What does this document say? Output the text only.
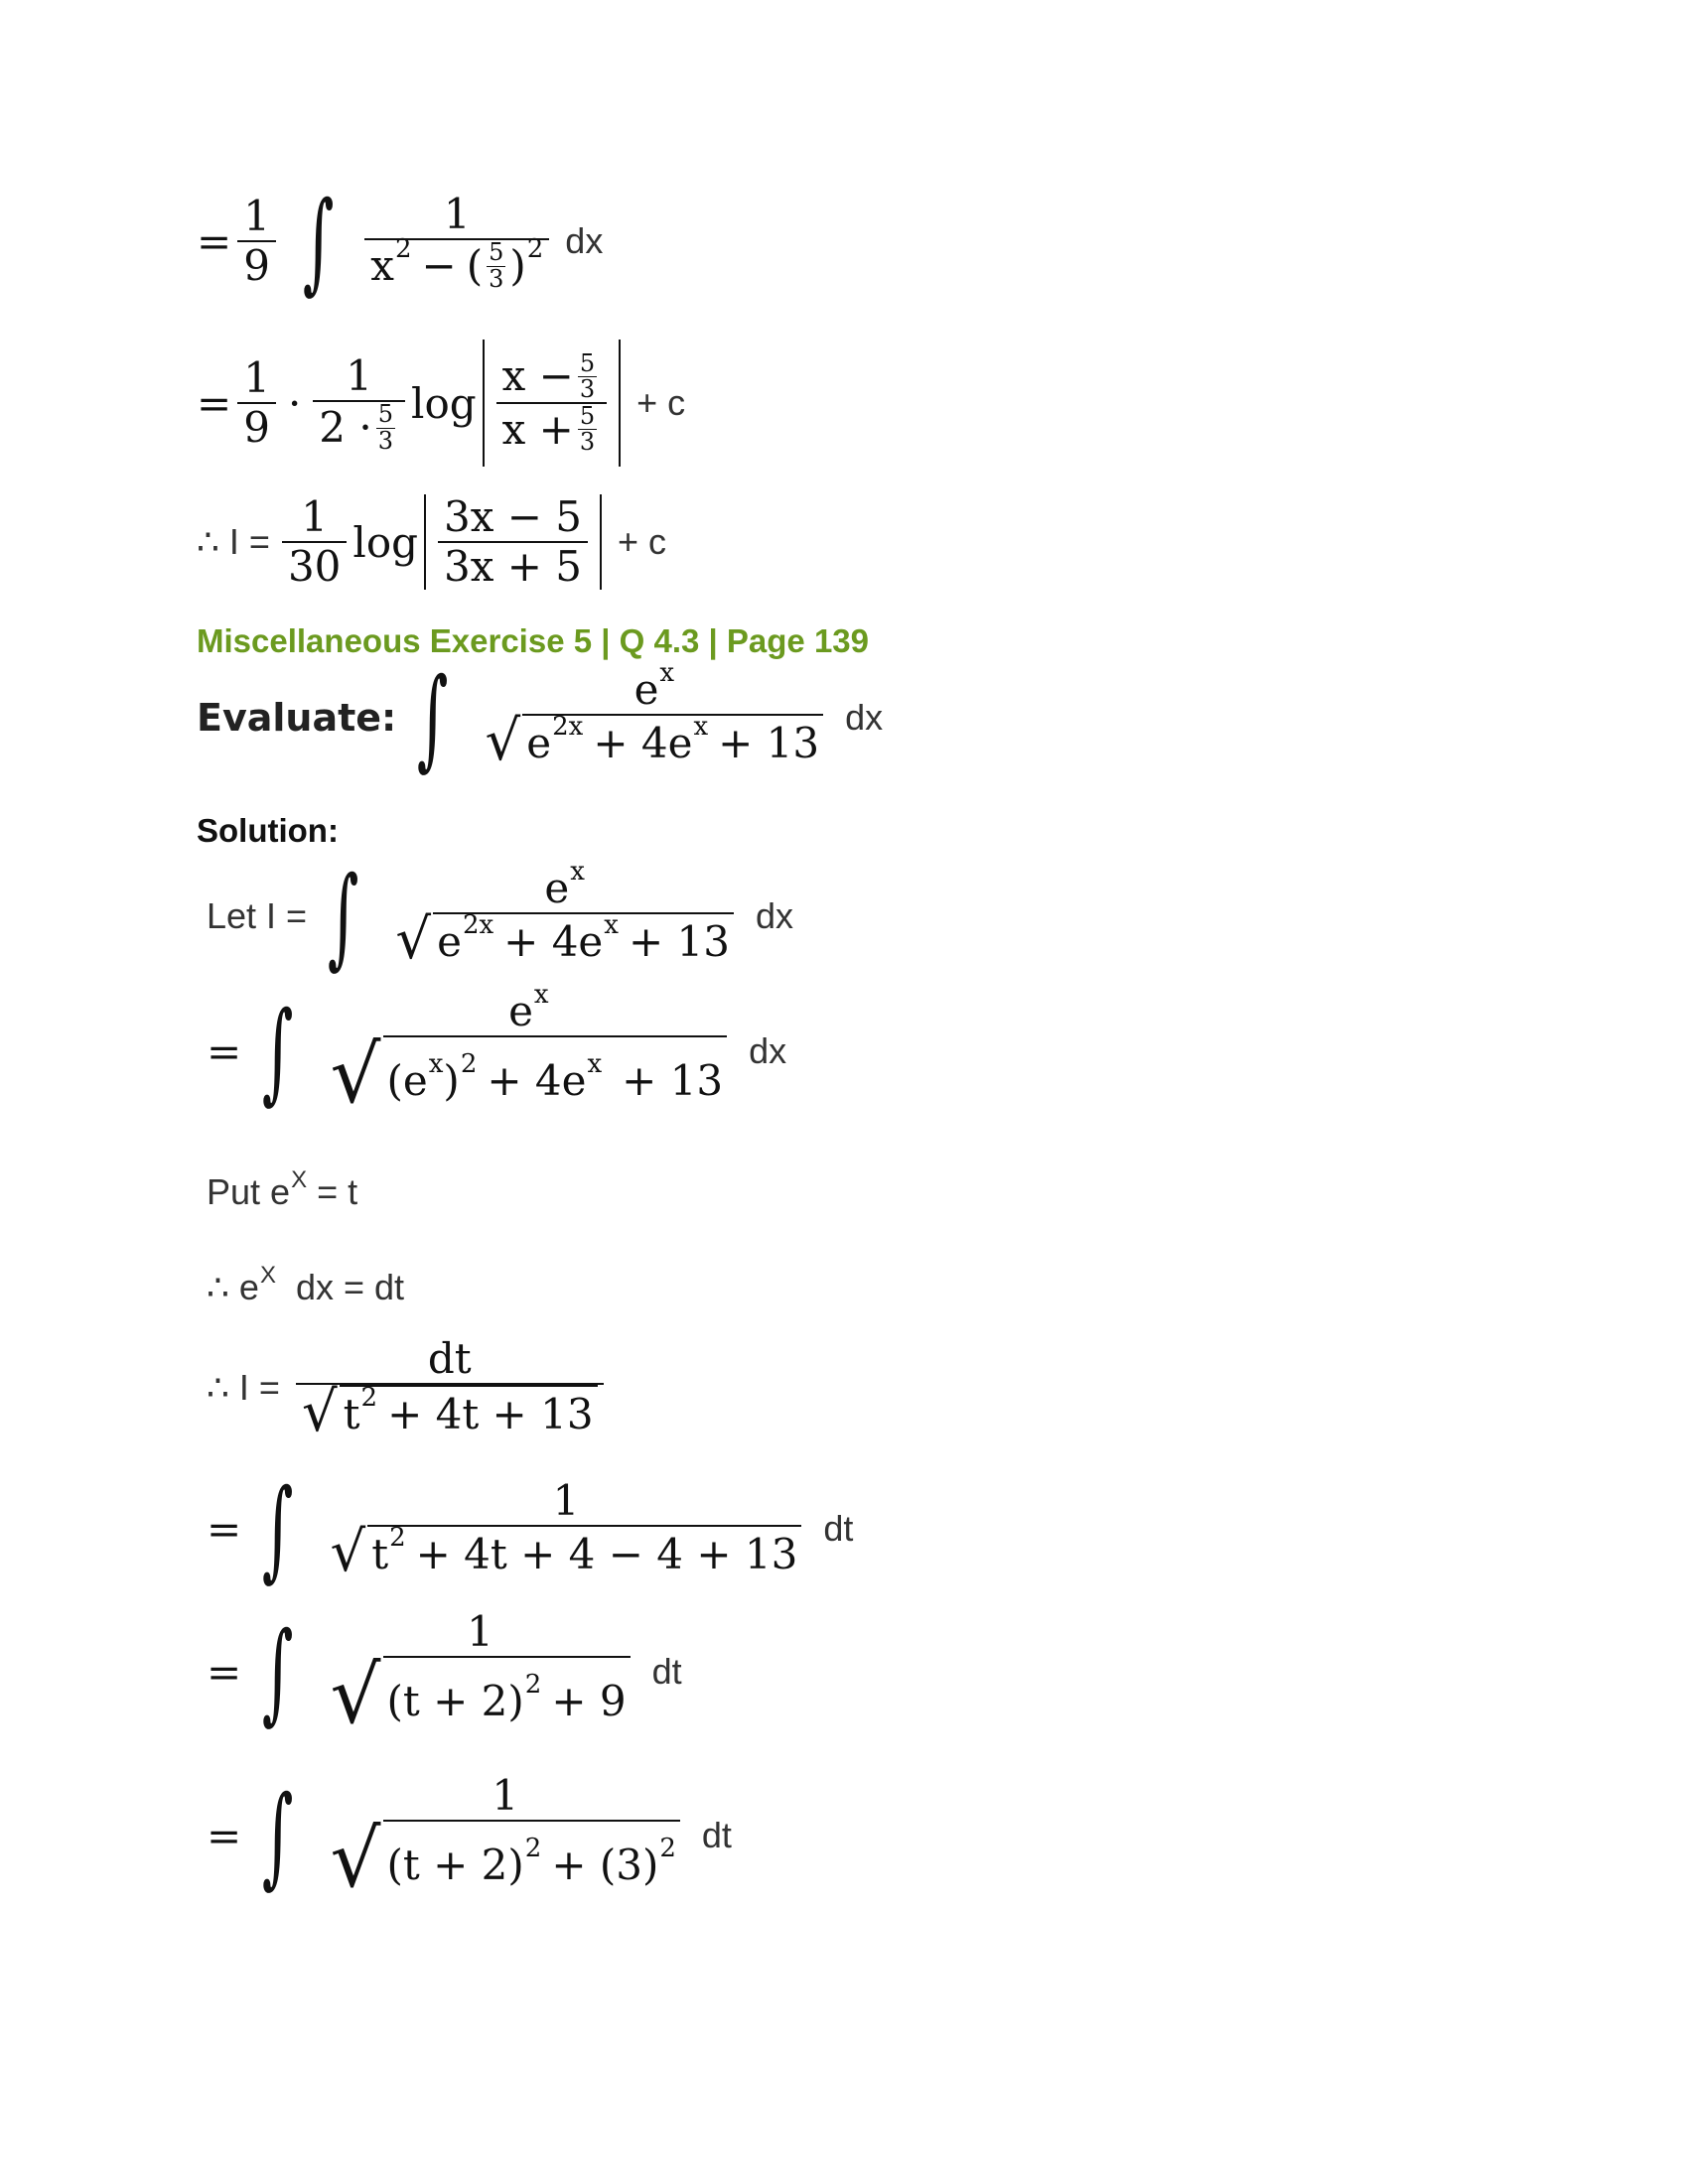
= $\frac{1}{9}$ ∫ 1
x 2 − ( 5
3 ) 2 dx
= $\frac{1}{9} \cdot 1$
2 · 5
3 $\log \frac{x - \frac{5}{3}}{x + \frac{5}{3}} + c$
∴ $I = \frac{1}{30}$ $\log \frac{3x - 5}{3x + 5} + c$
Miscellaneous Exercise 5 | Q 4.3 | Page 139
Evaluate: ∫	e x
√ e 2x + 4e x + 13
dx
Solution:
Let I = ∫	e x
√ e 2x + 4e x + 13
dx
= ∫	e x
√ (e x ) 2 + 4e x + 13
dx
Put e X = t
∴ e X dx = dt
∴ $I = \frac{dt}{√ t 2 + 4t + 13}$
= ∫	1
√ t 2 + 4t + 4 − 4 + 13
dt
= ∫	1
√ (t + 2) 2 + 9
dt
= ∫	1
√ (t + 2) 2 + (3) 2 dt
